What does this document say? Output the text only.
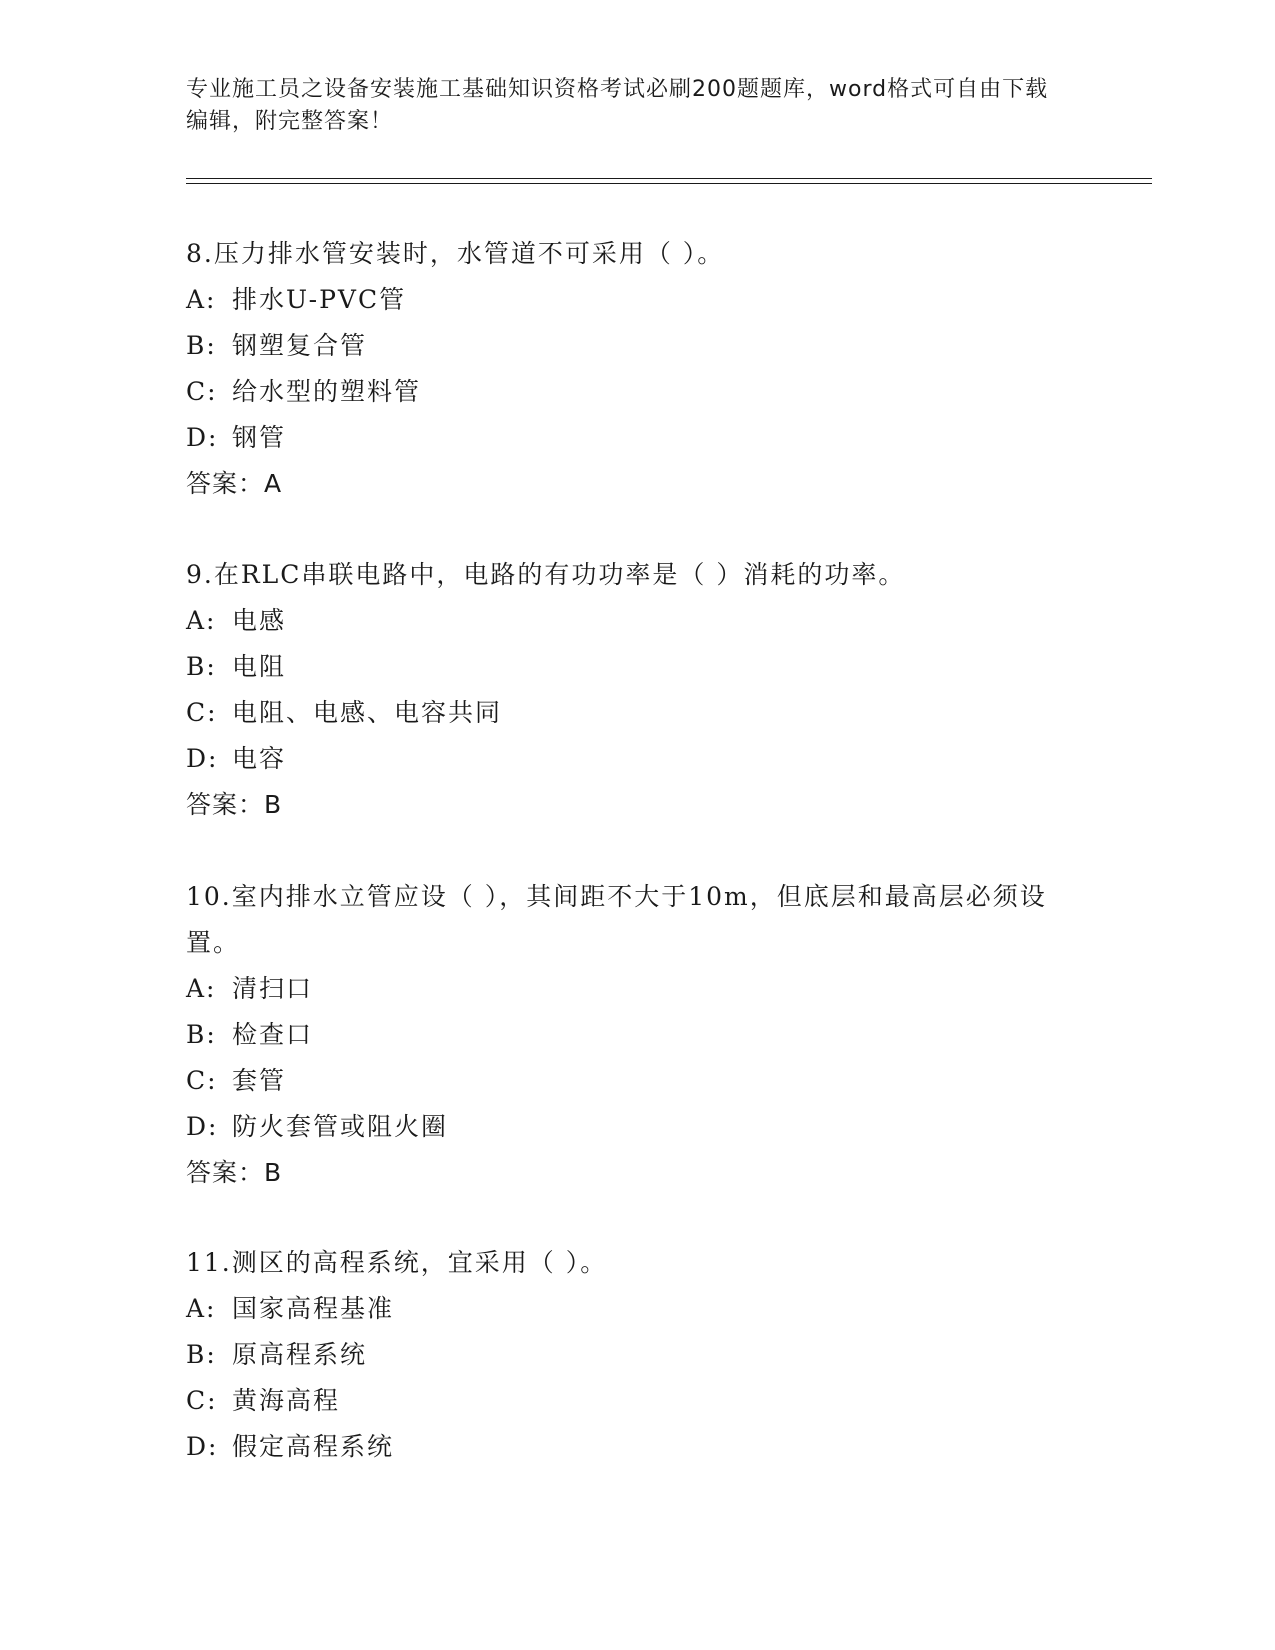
专业施工员之设备安装施工基础知识资格考试必刷200题题库，word格式可自由下载编辑，附完整答案！
8.压力排水管安装时，水管道不可采用（ ）。
A: 排水U-PVC管
B: 钢塑复合管
C: 给水型的塑料管
D: 钢管
答案：A
9.在RLC串联电路中，电路的有功功率是（ ）消耗的功率。
A: 电感
B: 电阻
C: 电阻、电感、电容共同
D: 电容
答案：B
10.室内排水立管应设（ ），其间距不大于10m，但底层和最高层必须设置。
A: 清扫口
B: 检查口
C: 套管
D: 防火套管或阻火圈
答案：B
11.测区的高程系统，宜采用（ ）。
A: 国家高程基准
B: 原高程系统
C: 黄海高程
D: 假定高程系统
